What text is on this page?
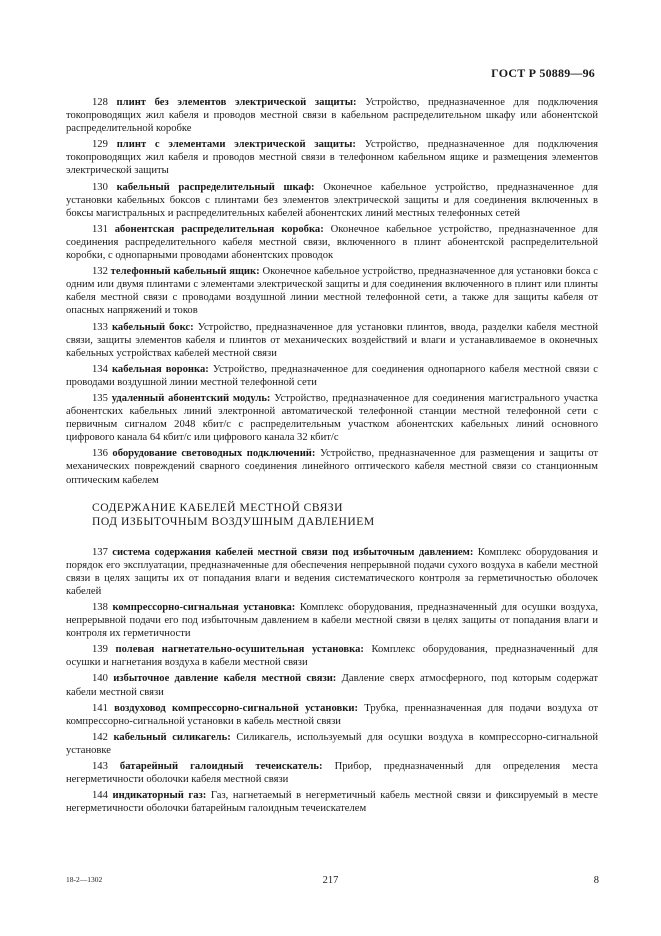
ГОСТ Р 50889—96

128 плинт без элементов электрической защиты: Устройство, предназначенное для подключения токопроводящих жил кабеля и проводов местной связи в кабельном распределительном шкафу или абонентской распределительной коробке

129 плинт с элементами электрической защиты: Устройство, предназначенное для подключения токопроводящих жил кабеля и проводов местной связи в телефонном кабельном ящике и размещения элементов электрической защиты

130 кабельный распределительный шкаф: Оконечное кабельное устройство, предназначенное для установки кабельных боксов с плинтами без элементов электрической защиты и для соединения включенных в боксы магистральных и распределительных кабелей абонентских линий местных телефонных сетей

131 абонентская распределительная коробка: Оконечное кабельное устройство, предназначенное для соединения распределительного кабеля местной связи, включенного в плинт абонентской распределительной коробки, с однопарными проводами абонентских проводок

132 телефонный кабельный ящик: Оконечное кабельное устройство, предназначенное для установки бокса с одним или двумя плинтами с элементами электрической защиты и для соединения включенного в плинт или плинты кабеля местной связи с проводами воздушной линии местной телефонной сети, а также для защиты кабеля от опасных напряжений и токов

133 кабельный бокс: Устройство, предназначенное для установки плинтов, ввода, разделки кабеля местной связи, защиты элементов кабеля и плинтов от механических воздействий и влаги и устанавливаемое в оконечных кабельных устройствах кабелей местной связи

134 кабельная воронка: Устройство, предназначенное для соединения однопарного кабеля местной связи с проводами воздушной линии местной телефонной сети

135 удаленный абонентский модуль: Устройство, предназначенное для соединения магистрального участка абонентских кабельных линий электронной автоматической телефонной станции местной телефонной сети с первичным сигналом 2048 кбит/с с распределительным участком абонентских кабельных линий основного цифрового канала 64 кбит/с или цифрового канала 32 кбит/с

136 оборудование световодных подключений: Устройство, предназначенное для размещения и защиты от механических повреждений сварного соединения линейного оптического кабеля местной связи со станционным оптическим кабелем

СОДЕРЖАНИЕ КАБЕЛЕЙ МЕСТНОЙ СВЯЗИ
ПОД ИЗБЫТОЧНЫМ ВОЗДУШНЫМ ДАВЛЕНИЕМ

137 система содержания кабелей местной связи под избыточным давлением: Комплекс оборудования и порядок его эксплуатации, предназначенные для обеспечения непрерывной подачи сухого воздуха в кабели местной связи в целях защиты их от попадания влаги и ведения систематического контроля за герметичностью оболочек кабелей

138 компрессорно-сигнальная установка: Комплекс оборудования, предназначенный для осушки воздуха, непрерывной подачи его под избыточным давлением в кабели местной связи в целях защиты от попадания влаги и контроля их герметичности

139 полевая нагнетательно-осушительная установка: Комплекс оборудования, предназначенный для осушки и нагнетания воздуха в кабели местной связи

140 избыточное давление кабеля местной связи: Давление сверх атмосферного, под которым содержат кабели местной связи

141 воздуховод компрессорно-сигнальной установки: Трубка, пренназначенная для подачи воздуха от компрессорно-сигнальной установки в кабель местной связи

142 кабельный силикагель: Силикагель, используемый для осушки воздуха в компрессорно-сигнальной установке

143 батарейный галоидный течеискатель: Прибор, предназначенный для определения места негерметичности оболочки кабеля местной связи

144 индикаторный газ: Газ, нагнетаемый в негерметичный кабель местной связи и фиксируемый в месте негерметичности оболочки батарейным галоидным течеискателем

18-2—1302	217	8
